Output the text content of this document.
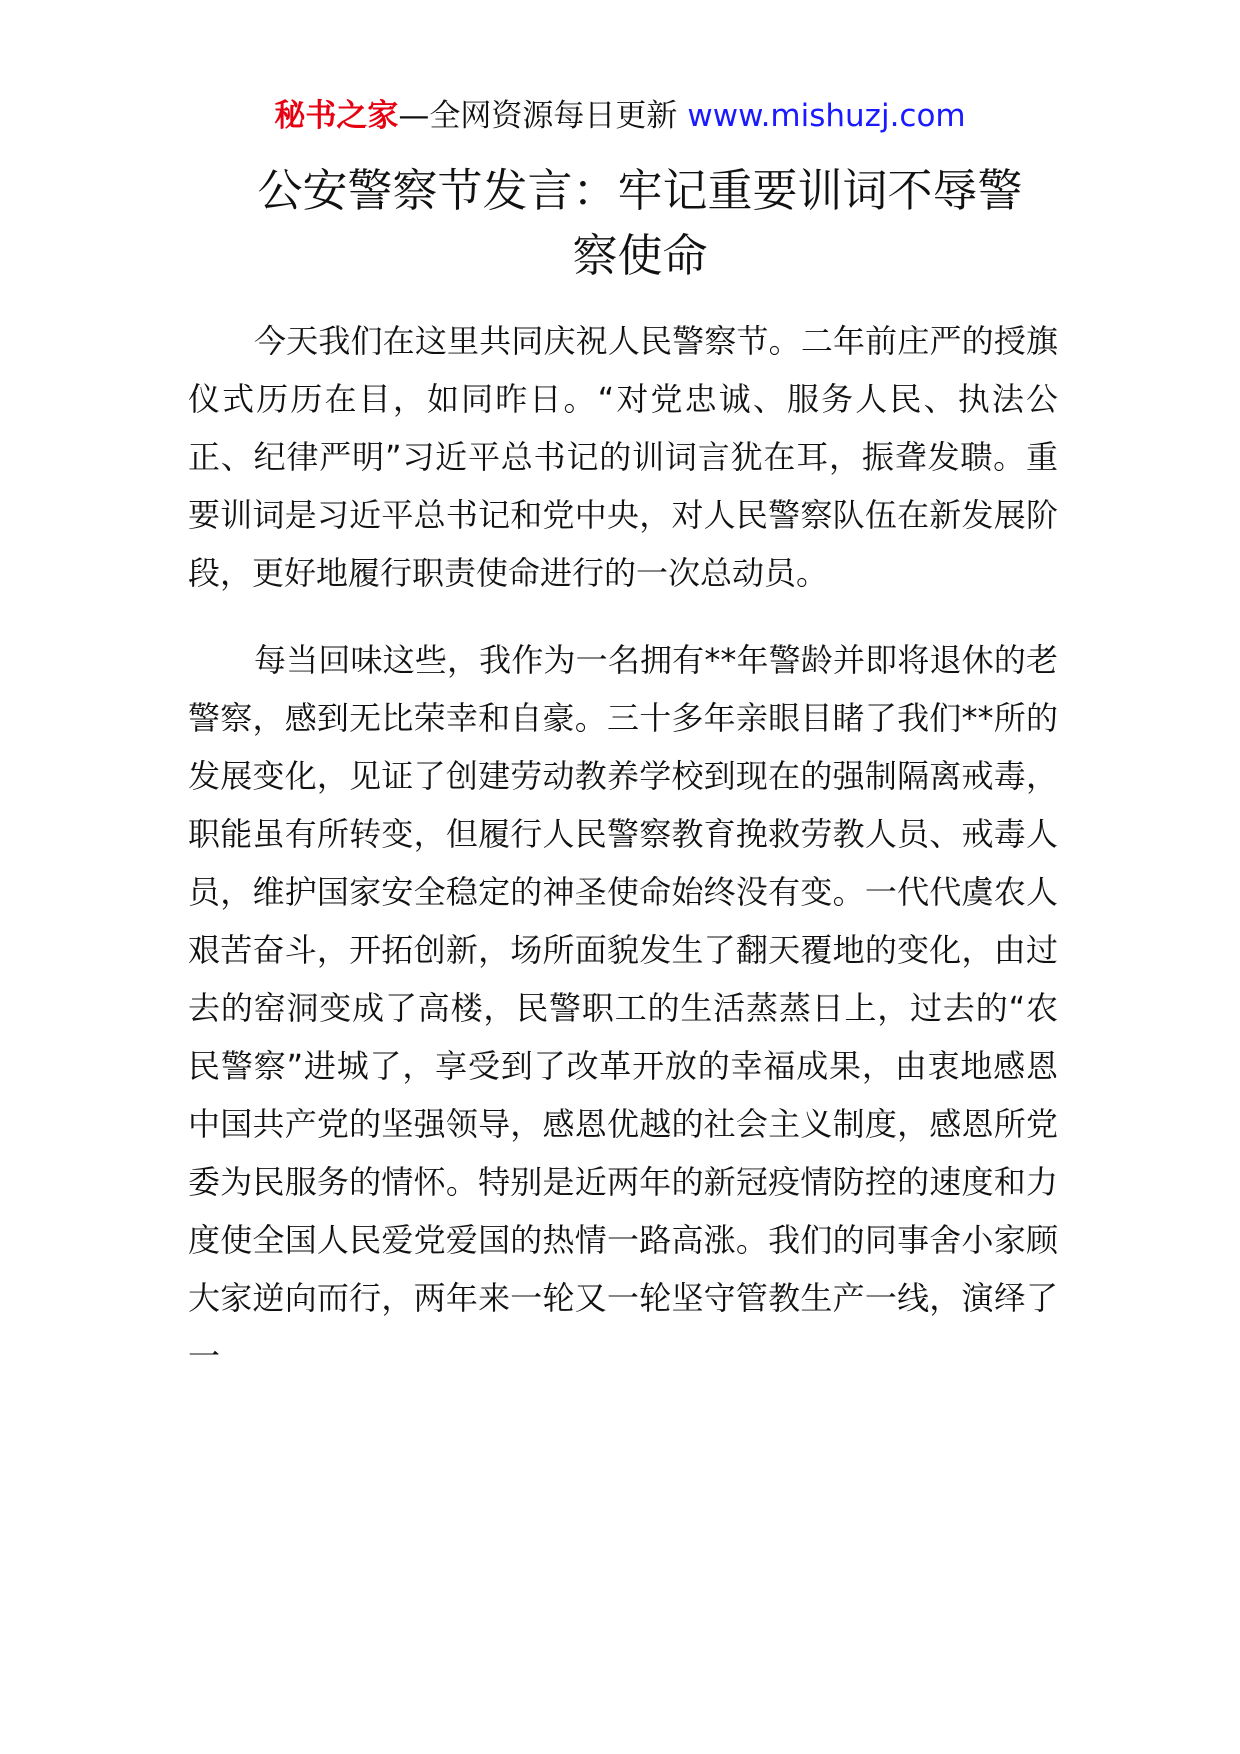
秘书之家—全网资源每日更新 www.mishuzj.com
公安警察节发言：牢记重要训词不辱警察使命

今天我们在这里共同庆祝人民警察节。二年前庄严的授旗仪式历历在目，如同昨日。“对党忠诚、服务人民、执法公正、纪律严明”习近平总书记的训词言犹在耳，振聋发聩。重要训词是习近平总书记和党中央，对人民警察队伍在新发展阶段，更好地履行职责使命进行的一次总动员。

每当回味这些，我作为一名拥有**年警龄并即将退休的老警察，感到无比荣幸和自豪。三十多年亲眼目睹了我们**所的发展变化，见证了创建劳动教养学校到现在的强制隔离戒毒，职能虽有所转变，但履行人民警察教育挽救劳教人员、戒毒人员，维护国家安全稳定的神圣使命始终没有变。一代代虞农人艰苦奋斗，开拓创新，场所面貌发生了翻天覆地的变化，由过去的窑洞变成了高楼，民警职工的生活蒸蒸日上，过去的“农民警察”进城了，享受到了改革开放的幸福成果，由衷地感恩中国共产党的坚强领导，感恩优越的社会主义制度，感恩所党委为民服务的情怀。特别是近两年的新冠疫情防控的速度和力度使全国人民爱党爱国的热情一路高涨。我们的同事舍小家顾大家逆向而行，两年来一轮又一轮坚守管教生产一线，演绎了一
